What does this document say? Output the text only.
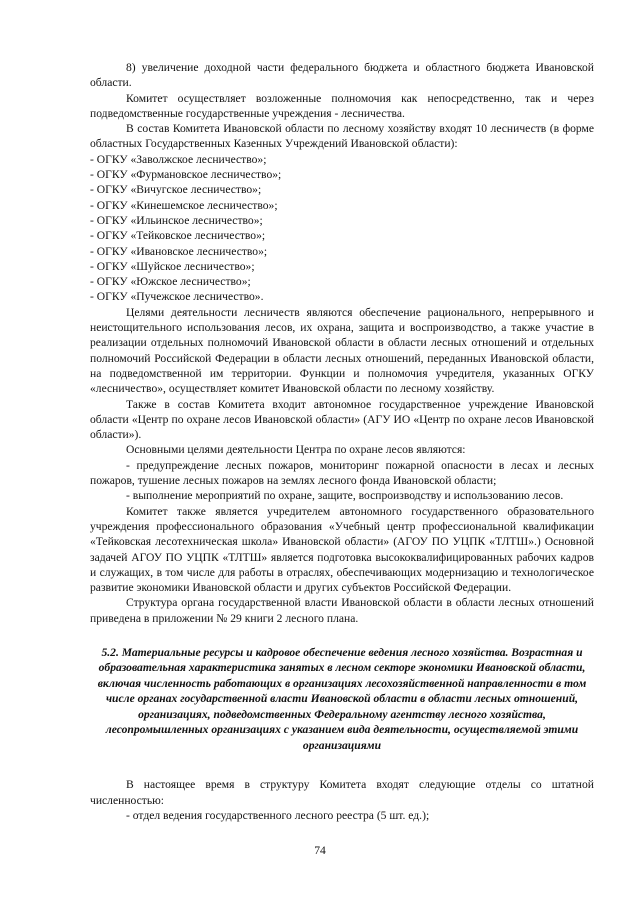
8) увеличение доходной части федерального бюджета и областного бюджета Ивановской области.

Комитет осуществляет возложенные полномочия как непосредственно, так и через подведомственные государственные учреждения - лесничества.

В состав Комитета Ивановской области по лесному хозяйству входят 10 лесничеств (в форме областных Государственных Казенных Учреждений Ивановской области):

- ОГКУ «Заволжское лесничество»;

- ОГКУ «Фурмановское лесничество»;

- ОГКУ «Вичугское лесничество»;

- ОГКУ «Кинешемское лесничество»;

- ОГКУ «Ильинское лесничество»;

- ОГКУ «Тейковское лесничество»;

- ОГКУ «Ивановское лесничество»;

- ОГКУ «Шуйское лесничество»;

- ОГКУ «Южское лесничество»;

- ОГКУ «Пучежское лесничество».

Целями деятельности лесничеств являются обеспечение рационального, непрерывного и неистощительного использования лесов, их охрана, защита и воспроизводство, а также участие в реализации отдельных полномочий Ивановской области в области лесных отношений и отдельных полномочий Российской Федерации в области лесных отношений, переданных Ивановской области, на подведомственной им территории. Функции и полномочия учредителя, указанных ОГКУ «лесничество», осуществляет комитет Ивановской области по лесному хозяйству.

Также в состав Комитета входит автономное государственное учреждение Ивановской области «Центр по охране лесов Ивановской области» (АГУ ИО «Центр по охране лесов Ивановской области»).

Основными целями деятельности Центра по охране лесов являются:

- предупреждение лесных пожаров, мониторинг пожарной опасности в лесах и лесных пожаров, тушение лесных пожаров на землях лесного фонда Ивановской области;

- выполнение мероприятий по охране, защите, воспроизводству и использованию лесов.

Комитет также является учредителем автономного государственного образовательного учреждения профессионального образования «Учебный центр профессиональной квалификации «Тейковская лесотехническая школа» Ивановской области» (АГОУ ПО УЦПК «ТЛТШ».) Основной задачей АГОУ ПО УЦПК «ТЛТШ» является подготовка высококвалифицированных рабочих кадров и служащих, в том числе для работы в отраслях, обеспечивающих модернизацию и технологическое развитие экономики Ивановской области и других субъектов Российской Федерации.

Структура органа государственной власти Ивановской области в области лесных отношений приведена в приложении № 29 книги 2 лесного плана.

5.2. Материальные ресурсы и кадровое обеспечение ведения лесного хозяйства. Возрастная и образовательная характеристика занятых в лесном секторе экономики Ивановской области, включая численность работающих в организациях лесохозяйственной направленности в том числе органах государственной власти Ивановской области в области лесных отношений, организациях, подведомственных Федеральному агентству лесного хозяйства, лесопромышленных организациях с указанием вида деятельности, осуществляемой этими организациями

В настоящее время в структуру Комитета входят следующие отделы со штатной численностью:

- отдел ведения государственного лесного реестра (5 шт. ед.);

74
